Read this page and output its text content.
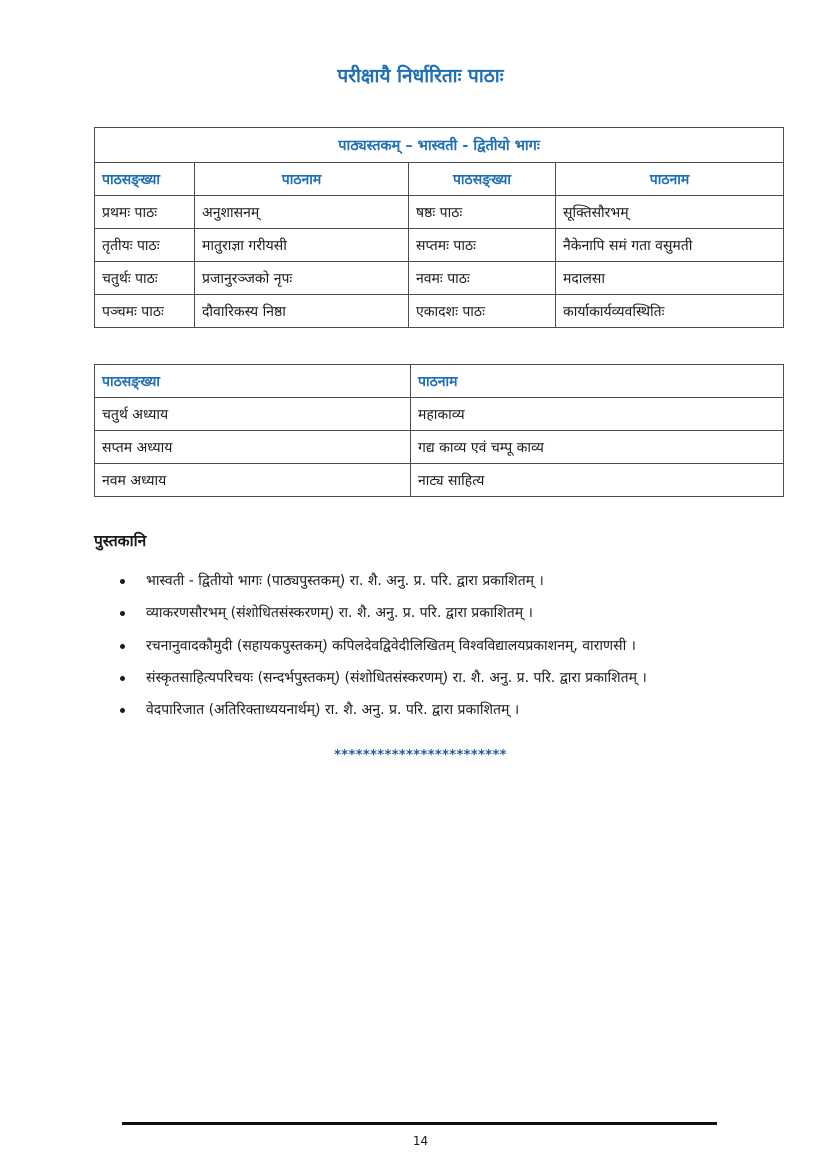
परीक्षायै निर्धारिताः पाठाः
पाठ्यस्तकम् – भास्वती - द्वितीयो भागः			
पाठसङ्ख्या	पाठनाम	पाठसङ्ख्या	पाठनाम
प्रथमः पाठः	अनुशासनम्	षष्ठः पाठः	सूक्तिसौरभम्
तृतीयः पाठः	मातुराज्ञा गरीयसी	सप्तमः पाठः	नैकेनापि समं गता वसुमती
चतुर्थः पाठः	प्रजानुरञ्जको नृपः	नवमः पाठः	मदालसा
पञ्चमः पाठः	दौवारिकस्य निष्ठा	एकादशः पाठः	कार्याकार्यव्यवस्थितिः
पाठसङ्ख्या	पाठनाम
चतुर्थ अध्याय	महाकाव्य
सप्तम अध्याय	गद्य काव्य एवं चम्पू काव्य
नवम अध्याय	नाट्य साहित्य
पुस्तकानि
भास्वती - द्वितीयो भागः (पाठ्यपुस्तकम्) रा. शै. अनु. प्र. परि. द्वारा प्रकाशितम् ।
व्याकरणसौरभम् (संशोधितसंस्करणम्) रा. शै. अनु. प्र. परि. द्वारा प्रकाशितम् ।
रचनानुवादकौमुदी (सहायकपुस्तकम्) कपिलदेवद्विवेदीलिखितम् विश्वविद्यालयप्रकाशनम्, वाराणसी ।
संस्कृतसाहित्यपरिचयः (सन्दर्भपुस्तकम्) (संशोधितसंस्करणम्) रा. शै. अनु. प्र. परि. द्वारा प्रकाशितम् ।
वेदपारिजात (अतिरिक्ताध्ययनार्थम्) रा. शै. अनु. प्र. परि. द्वारा प्रकाशितम् ।
************************
14
